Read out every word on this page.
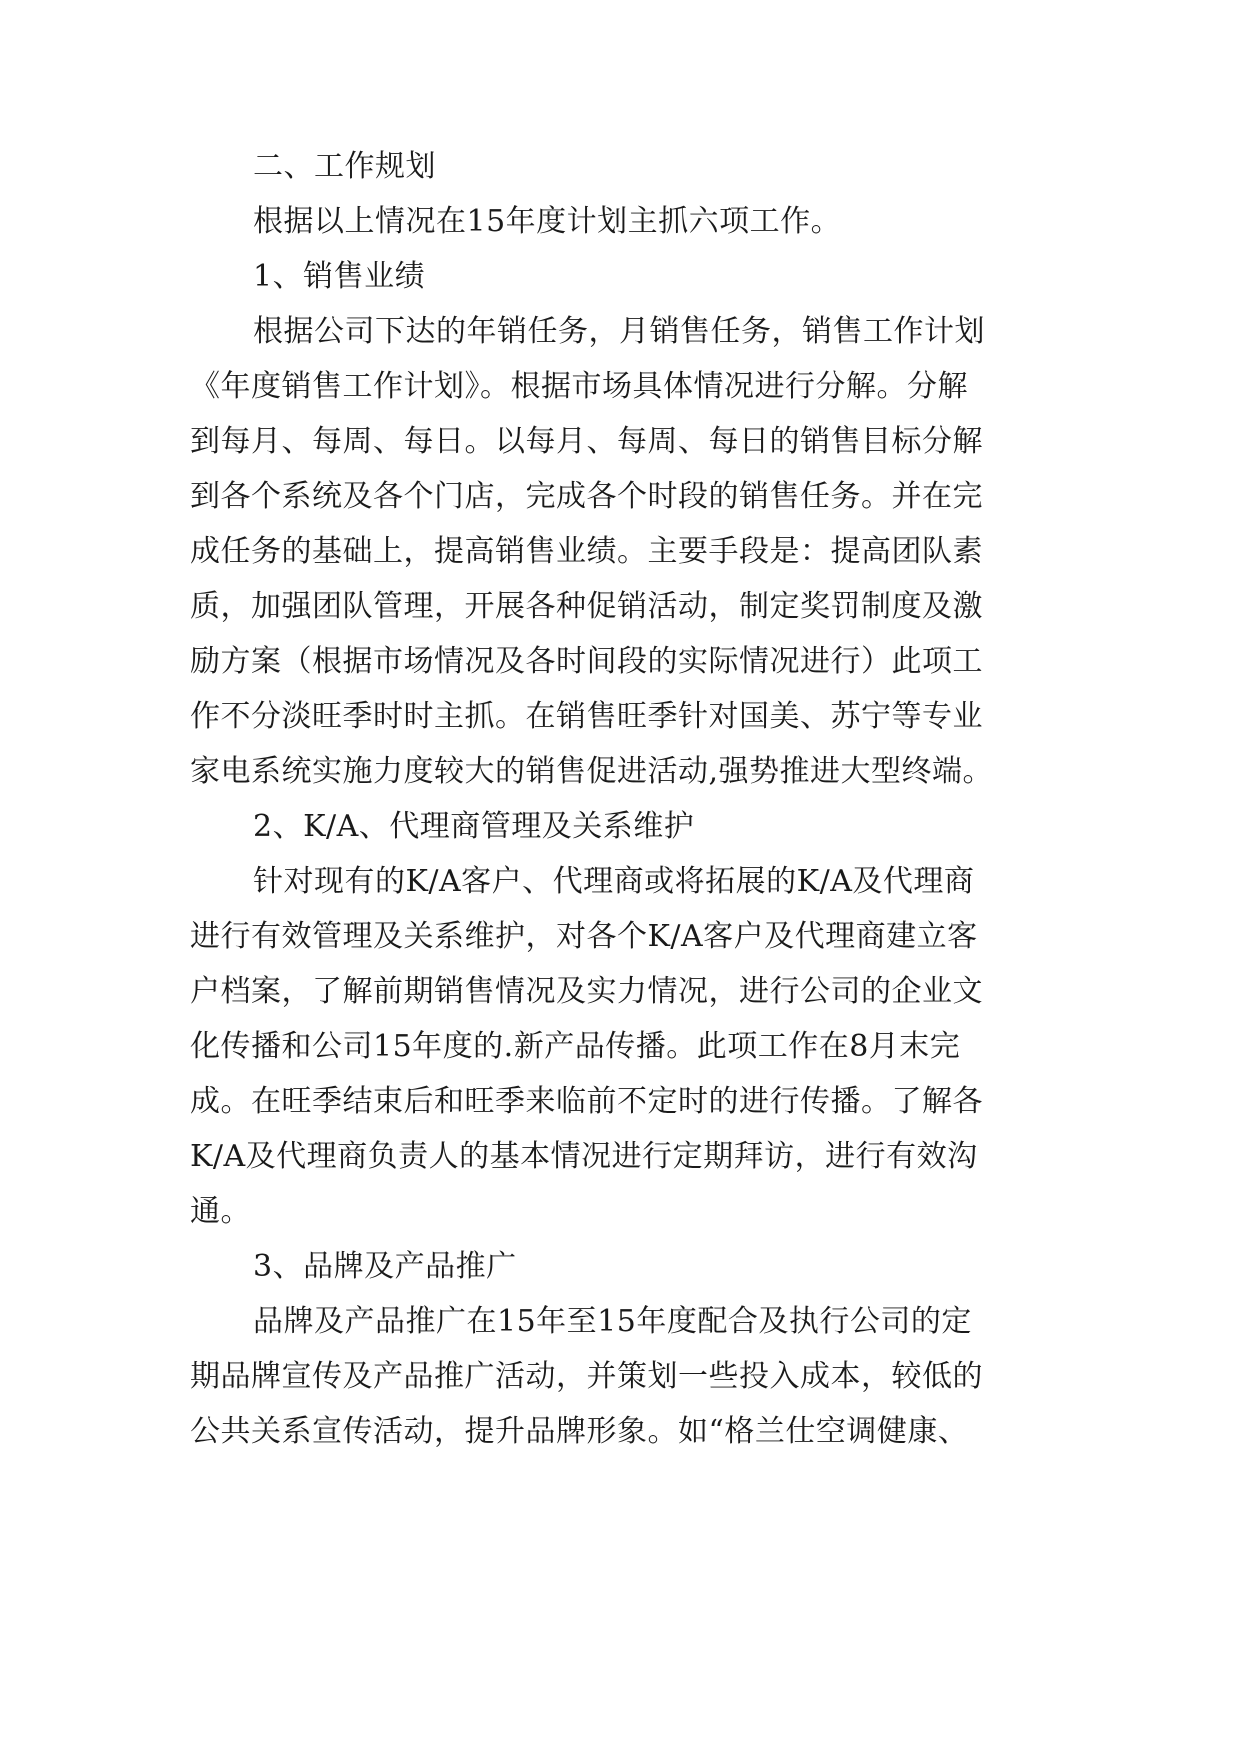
二、工作规划
根据以上情况在15年度计划主抓六项工作。
1、销售业绩
根据公司下达的年销任务，月销售任务，销售工作计划
《年度销售工作计划》。根据市场具体情况进行分解。分解
到每月、每周、每日。以每月、每周、每日的销售目标分解
到各个系统及各个门店，完成各个时段的销售任务。并在完
成任务的基础上，提高销售业绩。主要手段是：提高团队素
质，加强团队管理，开展各种促销活动，制定奖罚制度及激
励方案（根据市场情况及各时间段的实际情况进行）此项工
作不分淡旺季时时主抓。在销售旺季针对国美、苏宁等专业
家电系统实施力度较大的销售促进活动,强势推进大型终端。
2、K/A、代理商管理及关系维护
针对现有的K/A客户、代理商或将拓展的K/A及代理商
进行有效管理及关系维护，对各个K/A客户及代理商建立客
户档案，了解前期销售情况及实力情况，进行公司的企业文
化传播和公司15年度的.新产品传播。此项工作在8月末完
成。在旺季结束后和旺季来临前不定时的进行传播。了解各
K/A及代理商负责人的基本情况进行定期拜访，进行有效沟
通。
3、品牌及产品推广
品牌及产品推广在15年至15年度配合及执行公司的定
期品牌宣传及产品推广活动，并策划一些投入成本，较低的
公共关系宣传活动，提升品牌形象。如“格兰仕空调健康、
